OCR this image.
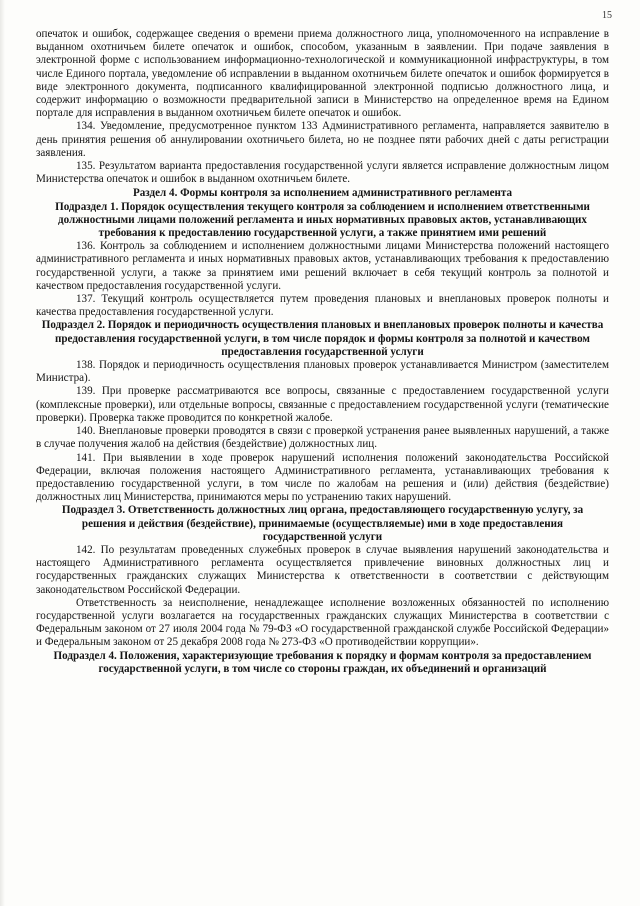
15

опечаток и ошибок, содержащее сведения о времени приема должностного лица, уполномоченного на исправление в выданном охотничьем билете опечаток и ошибок, способом, указанным в заявлении. При подаче заявления в электронной форме с использованием информационно-технологической и коммуникационной инфраструктуры, в том числе Единого портала, уведомление об исправлении в выданном охотничьем билете опечаток и ошибок формируется в виде электронного документа, подписанного квалифицированной электронной подписью должностного лица, и содержит информацию о возможности предварительной записи в Министерство на определенное время на Едином портале для исправления в выданном охотничьем билете опечаток и ошибок.

134. Уведомление, предусмотренное пунктом 133 Административного регламента, направляется заявителю в день принятия решения об аннулировании охотничьего билета, но не позднее пяти рабочих дней с даты регистрации заявления.

135. Результатом варианта предоставления государственной услуги является исправление должностным лицом Министерства опечаток и ошибок в выданном охотничьем билете.

Раздел 4. Формы контроля за исполнением административного регламента

Подраздел 1. Порядок осуществления текущего контроля за соблюдением и исполнением ответственными должностными лицами положений регламента и иных нормативных правовых актов, устанавливающих требования к предоставлению государственной услуги, а также принятием ими решений

136. Контроль за соблюдением и исполнением должностными лицами Министерства положений настоящего административного регламента и иных нормативных правовых актов, устанавливающих требования к предоставлению государственной услуги, а также за принятием ими решений включает в себя текущий контроль за полнотой и качеством предоставления государственной услуги.

137. Текущий контроль осуществляется путем проведения плановых и внеплановых проверок полноты и качества предоставления государственной услуги.

Подраздел 2. Порядок и периодичность осуществления плановых и внеплановых проверок полноты и качества предоставления государственной услуги, в том числе порядок и формы контроля за полнотой и качеством предоставления государственной услуги

138. Порядок и периодичность осуществления плановых проверок устанавливается Министром (заместителем Министра).

139. При проверке рассматриваются все вопросы, связанные с предоставлением государственной услуги (комплексные проверки), или отдельные вопросы, связанные с предоставлением государственной услуги (тематические проверки). Проверка также проводится по конкретной жалобе.

140. Внеплановые проверки проводятся в связи с проверкой устранения ранее выявленных нарушений, а также в случае получения жалоб на действия (бездействие) должностных лиц.

141. При выявлении в ходе проверок нарушений исполнения положений законодательства Российской Федерации, включая положения настоящего Административного регламента, устанавливающих требования к предоставлению государственной услуги, в том числе по жалобам на решения и (или) действия (бездействие) должностных лиц Министерства, принимаются меры по устранению таких нарушений.

Подраздел 3. Ответственность должностных лиц органа, предоставляющего государственную услугу, за решения и действия (бездействие), принимаемые (осуществляемые) ими в ходе предоставления государственной услуги

142. По результатам проведенных служебных проверок в случае выявления нарушений законодательства и настоящего Административного регламента осуществляется привлечение виновных должностных лиц и государственных гражданских служащих Министерства к ответственности в соответствии с действующим законодательством Российской Федерации.

Ответственность за неисполнение, ненадлежащее исполнение возложенных обязанностей по исполнению государственной услуги возлагается на государственных гражданских служащих Министерства в соответствии с Федеральным законом от 27 июля 2004 года № 79-ФЗ «О государственной гражданской службе Российской Федерации» и Федеральным законом от 25 декабря 2008 года № 273-ФЗ «О противодействии коррупции».

Подраздел 4. Положения, характеризующие требования к порядку и формам контроля за предоставлением государственной услуги, в том числе со стороны граждан, их объединений и организаций
